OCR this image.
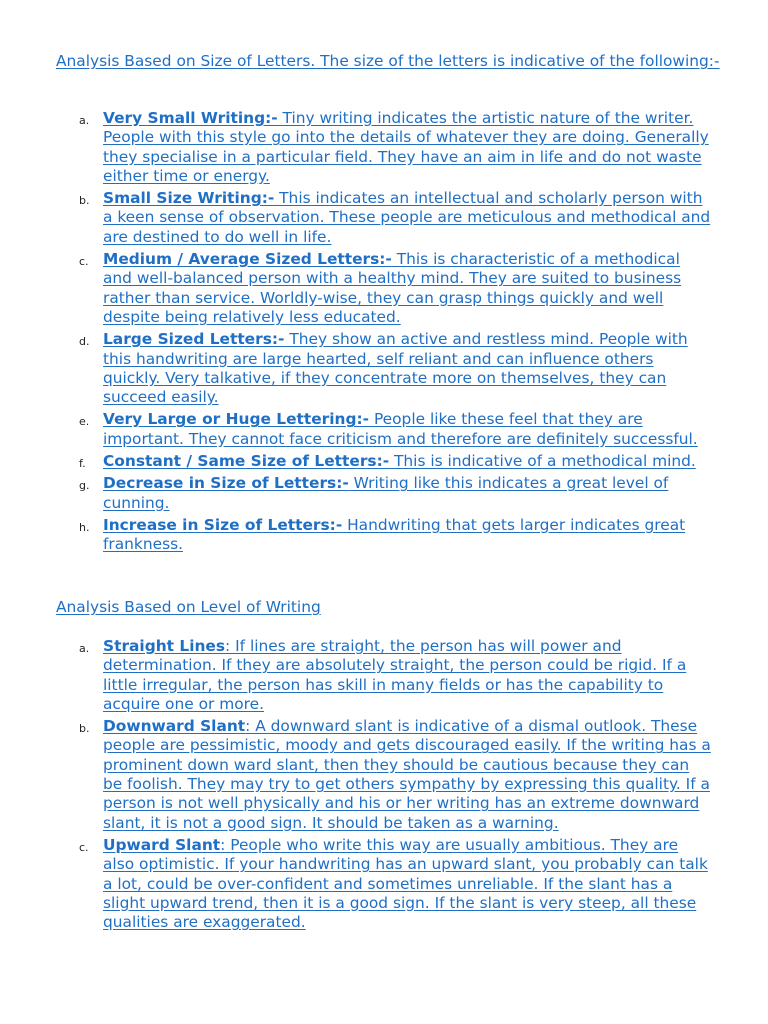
Analysis Based on Size of Letters. The size of the letters is indicative of the following:-
a. Very Small Writing:- Tiny writing indicates the artistic nature of the writer. People with this style go into the details of whatever they are doing. Generally they specialise in a particular field. They have an aim in life and do not waste either time or energy.
b. Small Size Writing:- This indicates an intellectual and scholarly person with a keen sense of observation. These people are meticulous and methodical and are destined to do well in life.
c. Medium / Average Sized Letters:- This is characteristic of a methodical and well-balanced person with a healthy mind. They are suited to business rather than service. Worldly-wise, they can grasp things quickly and well despite being relatively less educated.
d. Large Sized Letters:- They show an active and restless mind. People with this handwriting are large hearted, self reliant and can influence others quickly. Very talkative, if they concentrate more on themselves, they can succeed easily.
e. Very Large or Huge Lettering:- People like these feel that they are important. They cannot face criticism and therefore are definitely successful.
f. Constant / Same Size of Letters:- This is indicative of a methodical mind.
g. Decrease in Size of Letters:- Writing like this indicates a great level of cunning.
h. Increase in Size of Letters:- Handwriting that gets larger indicates great frankness.
Analysis Based on Level of Writing
a. Straight Lines: If lines are straight, the person has will power and determination. If they are absolutely straight, the person could be rigid. If a little irregular, the person has skill in many fields or has the capability to acquire one or more.
b. Downward Slant: A downward slant is indicative of a dismal outlook. These people are pessimistic, moody and gets discouraged easily. If the writing has a prominent down ward slant, then they should be cautious because they can be foolish. They may try to get others sympathy by expressing this quality. If a person is not well physically and his or her writing has an extreme downward slant, it is not a good sign. It should be taken as a warning.
c. Upward Slant: People who write this way are usually ambitious. They are also optimistic. If your handwriting has an upward slant, you probably can talk a lot, could be over-confident and sometimes unreliable. If the slant has a slight upward trend, then it is a good sign. If the slant is very steep, all these qualities are exaggerated.
